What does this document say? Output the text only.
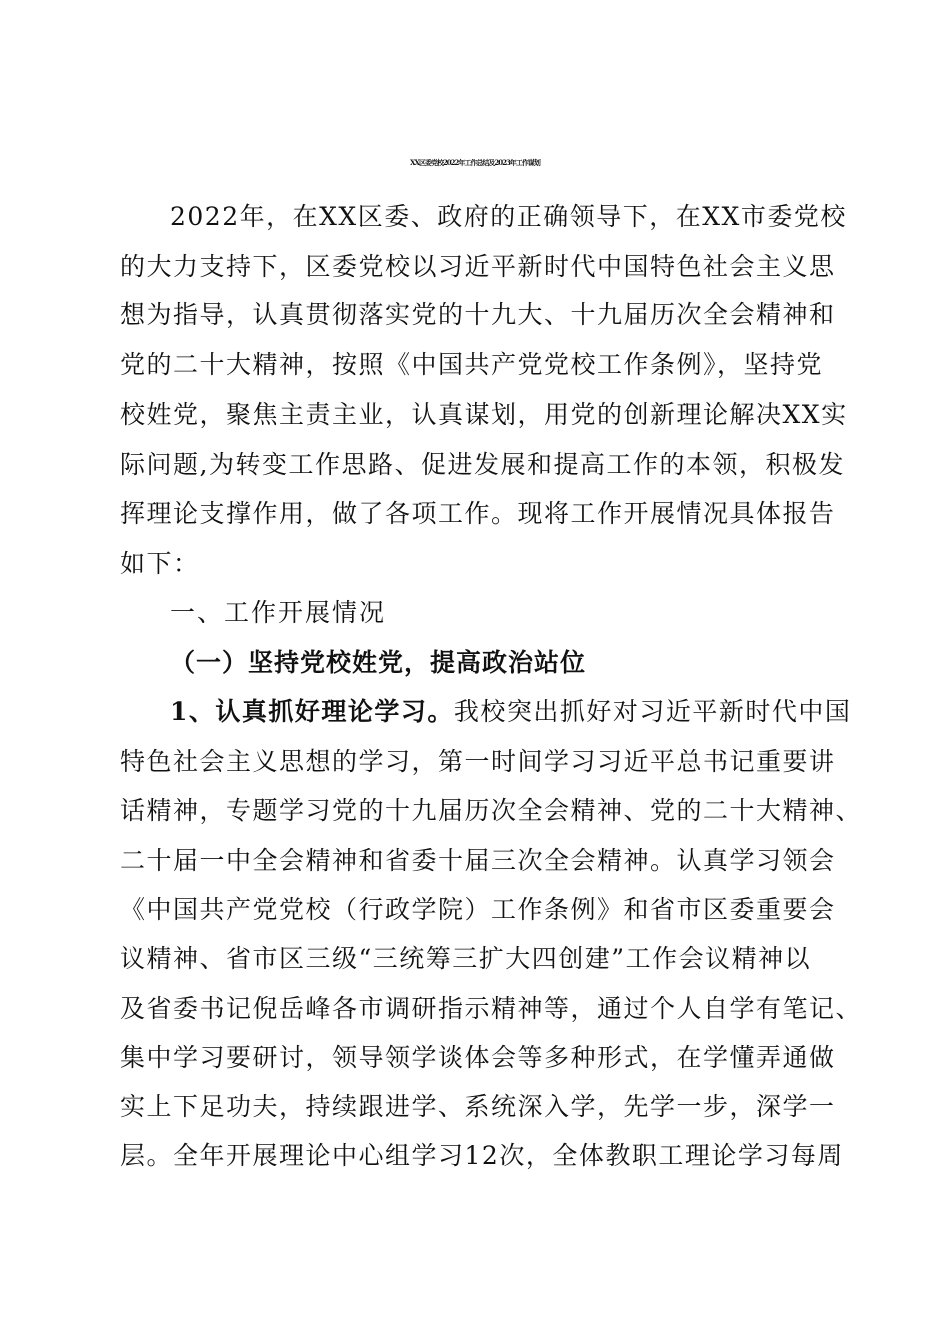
XX区委党校2022年工作总结及2023年工作谋划
2022年，在XX区委、政府的正确领导下，在XX市委党校
的大力支持下，区委党校以习近平新时代中国特色社会主义思
想为指导，认真贯彻落实党的十九大、十九届历次全会精神和
党的二十大精神，按照《中国共产党党校工作条例》，坚持党
校姓党，聚焦主责主业，认真谋划，用党的创新理论解决XX实
际问题,为转变工作思路、促进发展和提高工作的本领，积极发
挥理论支撑作用，做了各项工作。现将工作开展情况具体报告
如下：
一、工作开展情况
（一）坚持党校姓党，提高政治站位
1、认真抓好理论学习。我校突出抓好对习近平新时代中国
特色社会主义思想的学习，第一时间学习习近平总书记重要讲
话精神，专题学习党的十九届历次全会精神、党的二十大精神、
二十届一中全会精神和省委十届三次全会精神。认真学习领会
《中国共产党党校（行政学院）工作条例》和省市区委重要会
议精神、省市区三级“三统筹三扩大四创建”工作会议精神以
及省委书记倪岳峰各市调研指示精神等，通过个人自学有笔记、
集中学习要研讨，领导领学谈体会等多种形式，在学懂弄通做
实上下足功夫，持续跟进学、系统深入学，先学一步，深学一
层。全年开展理论中心组学习12次，全体教职工理论学习每周
